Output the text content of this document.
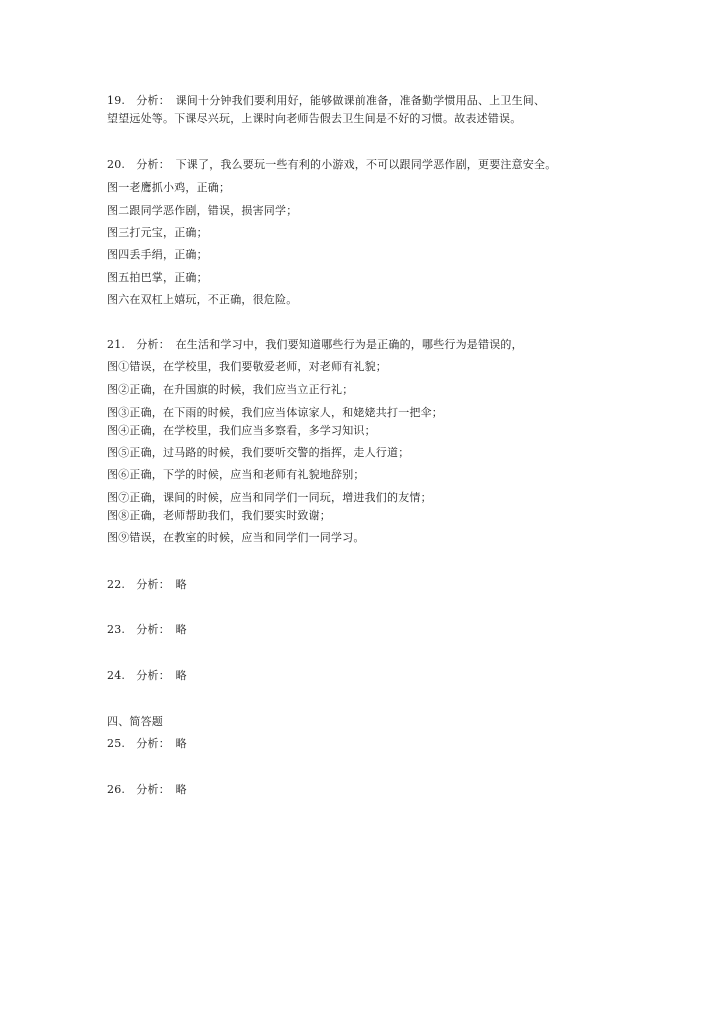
19.　分析：　课间十分钟我们要利用好，能够做课前准备，准备勤学惯用品、上卫生间、
望望远处等。下课尽兴玩，上课时向老师告假去卫生间是不好的习惯。故表述错误。
20.　分析：　下课了，我么要玩一些有利的小游戏，不可以跟同学恶作剧，更要注意安全。
图一老鹰抓小鸡，正确；
图二跟同学恶作剧，错误，损害同学；
图三打元宝，正确；
图四丢手绢，正确；
图五拍巴掌，正确；
图六在双杠上嬉玩，不正确，很危险。
21.　分析：　在生活和学习中，我们要知道哪些行为是正确的，哪些行为是错误的，
图①错误，在学校里，我们要敬爱老师，对老师有礼貌；
图②正确，在升国旗的时候，我们应当立正行礼；
图③正确，在下雨的时候，我们应当体谅家人，和姥姥共打一把伞；
图④正确，在学校里，我们应当多察看，多学习知识；
图⑤正确，过马路的时候，我们要听交警的指挥，走人行道；
图⑥正确，下学的时候，应当和老师有礼貌地辞别；
图⑦正确，课间的时候，应当和同学们一同玩，增进我们的友情；
图⑧正确，老师帮助我们，我们要实时致谢；
图⑨错误，在教室的时候，应当和同学们一同学习。
22.　分析：　略
23.　分析：　略
24.　分析：　略
四、简答题
25.　分析：　略
26.　分析：　略
